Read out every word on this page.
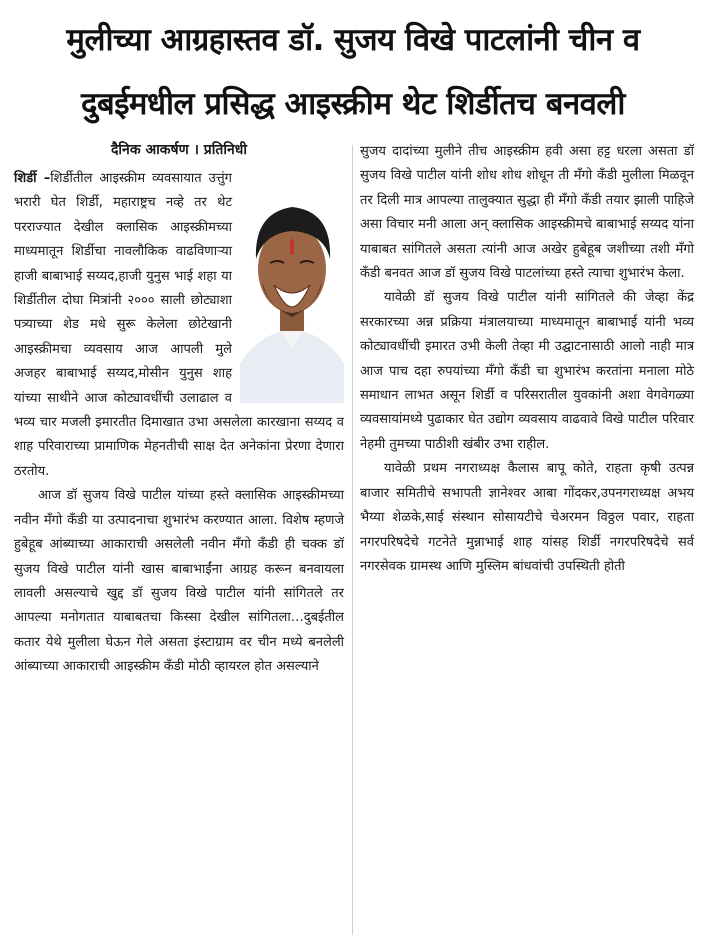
मुलीच्या आग्रहास्तव डॉ. सुजय विखे पाटलांनी चीन व
दुबईमधील प्रसिद्ध आइस्क्रीम थेट शिर्डीतच बनवली
दैनिक आकर्षण । प्रतिनिधी

शिर्डी –शिर्डीतील आइस्क्रीम व्यवसायात उत्तुंग भरारी घेत शिर्डी, महाराष्ट्रच नव्हे तर थेट परराज्यात देखील क्लासिक आइस्क्रीमच्या माध्यमातून शिर्डीचा नावलौकिक वाढविणाऱ्या हाजी बाबाभाई सय्यद,हाजी युनुस भाई शहा या शिर्डीतील दोघा मित्रांनी २००० साली छोट्याशा पत्र्याच्या शेड मधे सुरू केलेला छोटेखानी आइस्क्रीमचा व्यवसाय आज आपली मुले अजहर बाबाभाई सय्यद,मोसीन युनुस शाह यांच्या साथीने आज कोट्यावधींची उलाढाल व भव्य चार मजली इमारतीत दिमाखात उभा असलेला कारखाना सय्यद व शाह परिवाराच्या प्रामाणिक मेहनतीची साक्ष देत अनेकांना प्रेरणा देणारा ठरतोय.

आज डॉ सुजय विखे पाटील यांच्या हस्ते क्लासिक आइस्क्रीमच्या नवीन मँगो कँडी या उत्पादनाचा शुभारंभ करण्यात आला. विशेष म्हणजे हुबेहूब आंब्याच्या आकाराची असलेली नवीन मँगो कँडी ही चक्क डॉ सुजय विखे पाटील यांनी खास बाबाभाईंना आग्रह करून बनवायला लावली असल्याचे खुद्द डॉ सुजय विखे पाटील यांनी सांगितले तर आपल्या मनोगतात याबाबतचा किस्सा देखील सांगितला…दुबईतील कतार येथे मुलीला घेऊन गेले असता इंस्टाग्राम वर चीन मध्ये बनलेली आंब्याच्या आकाराची आइस्क्रीम कँडी मोठी व्हायरल होत असल्याने

सुजय दादांच्या मुलीने तीच आइस्क्रीम हवी असा हट्ट धरला असता डॉ सुजय विखे पाटील यांनी शोध शोध शोधून ती मँगो कँडी मुलीला मिळवून तर दिली मात्र आपल्या तालुक्यात सुद्धा ही मँगो कँडी तयार झाली पाहिजे असा विचार मनी आला अन् क्लासिक आइस्क्रीमचे बाबाभाई सय्यद यांना याबाबत सांगितले असता त्यांनी आज अखेर हुबेहूब जशीच्या तशी मँगो कँडी बनवत आज डॉ सुजय विखे पाटलांच्या हस्ते त्याचा शुभारंभ केला.

यावेळी डॉ सुजय विखे पाटील यांनी सांगितले की जेव्हा केंद्र सरकारच्या अन्न प्रक्रिया मंत्रालयाच्या माध्यमातून बाबाभाई यांनी भव्य कोट्यावधींची इमारत उभी केली तेव्हा मी उद्घाटनासाठी आलो नाही मात्र आज पाच दहा रुपयांच्या मँगो कँडी चा शुभारंभ करतांना मनाला मोठे समाधान लाभत असून शिर्डी व परिसरातील युवकांनी अशा वेगवेगळ्या व्यवसायांमध्ये पुढाकार घेत उद्योग व्यवसाय वाढवावे विखे पाटील परिवार नेहमी तुमच्या पाठीशी खंबीर उभा राहील.

यावेळी प्रथम नगराध्यक्ष कैलास बापू कोते, राहता कृषी उत्पन्न बाजार समितीचे सभापती ज्ञानेश्वर आबा गोंदकर,उपनगराध्यक्ष अभय भैय्या शेळके,साई संस्थान सोसायटीचे चेअरमन विठ्ठल पवार, राहता नगरपरिषदेचे गटनेते मुन्नाभाई शाह यांसह शिर्डी नगरपरिषदेचे सर्व नगरसेवक ग्रामस्थ आणि मुस्लिम बांधवांची उपस्थिती होती
